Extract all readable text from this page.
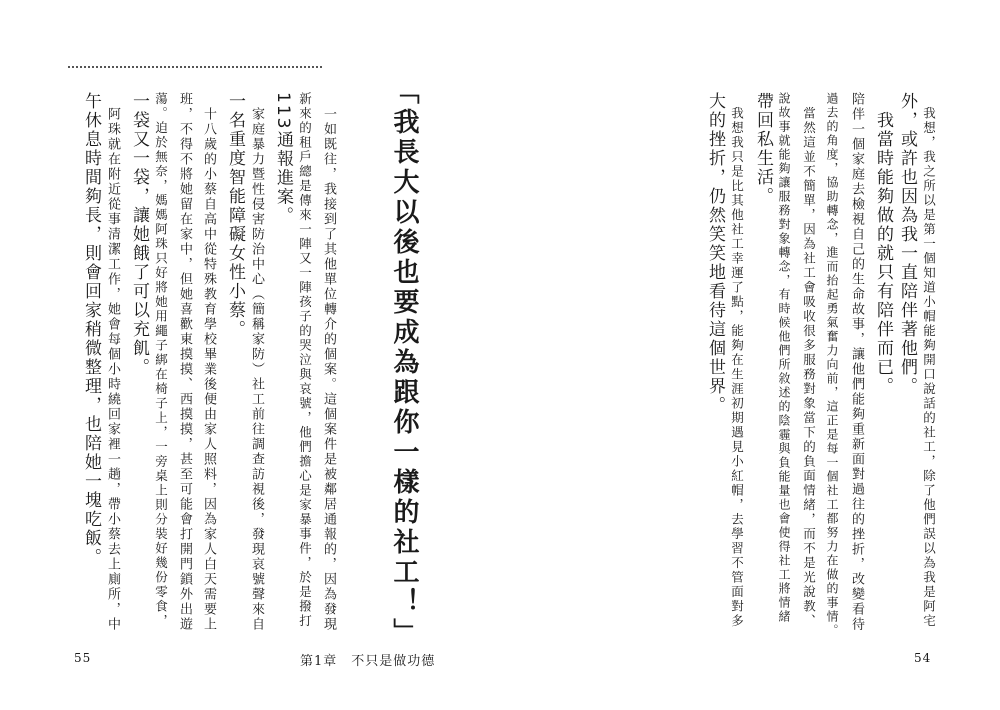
「我長大以後也要成為跟你一樣的社工！」
　一如既往，我接到了其他單位轉介的個案。這個案件是被鄰居通報的，因為發現
新來的租戶總是傳來一陣又一陣孩子的哭泣與哀號，他們擔心是家暴事件，於是撥打
113通報進案。
　家庭暴力暨性侵害防治中心（簡稱家防）社工前往調查訪視後，發現哀號聲來自
一名重度智能障礙女性小蔡。
　十八歲的小蔡自高中從特殊教育學校畢業後便由家人照料，因為家人白天需要上
班，不得不將她留在家中，但她喜歡東摸摸、西摸摸，甚至可能會打開門鎖外出遊
蕩。迫於無奈，媽媽阿珠只好將她用繩子綁在椅子上，一旁桌上則分裝好幾份零食，
一袋又一袋，讓她餓了可以充飢。
　阿珠就在附近從事清潔工作，她會每個小時繞回家裡一趟，帶小蔡去上廁所，中
午休息時間夠長，則會回家稍微整理，也陪她一塊吃飯。
55	第1章　不只是做功德
　我想，我之所以是第一個知道小帽能夠開口說話的社工，除了他們誤以為我是阿宅
外，或許也因為我一直陪伴著他們。
　我當時能夠做的就只有陪伴而已。
陪伴一個家庭去檢視自己的生命故事，讓他們能夠重新面對過往的挫折，改變看待
過去的角度，協助轉念，進而抬起勇氣奮力向前，這正是每一個社工都努力在做的事情。
　當然這並不簡單，因為社工會吸收很多服務對象當下的負面情緒，而不是光說教、
說故事就能夠讓服務對象轉念，有時候他們所敘述的陰霾與負能量也會使得社工將情緒
帶回私生活。
　我想我只是比其他社工幸運了點，能夠在生涯初期遇見小紅帽，去學習不管面對多
大的挫折，仍然笑笑地看待這個世界。
54
